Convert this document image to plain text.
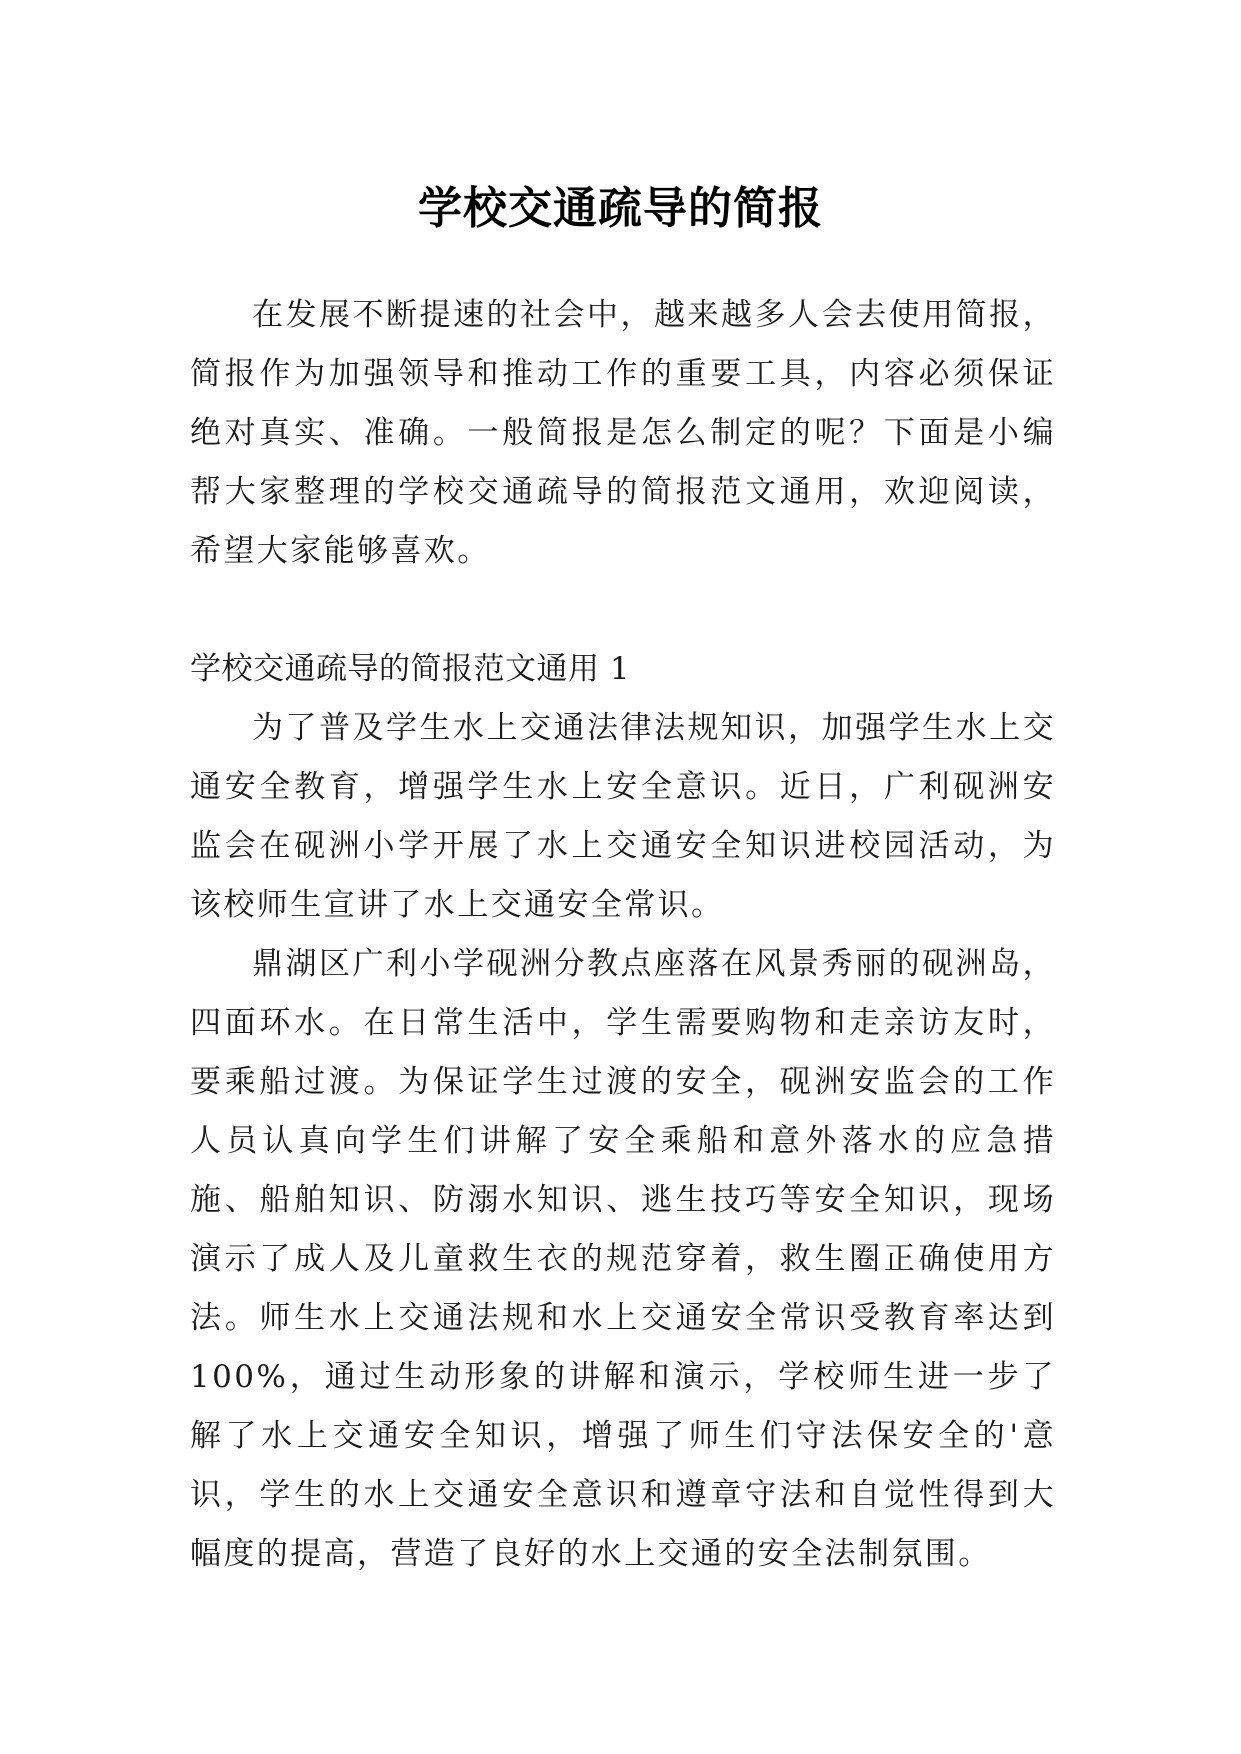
学校交通疏导的简报

在发展不断提速的社会中，越来越多人会去使用简报，简报作为加强领导和推动工作的重要工具，内容必须保证绝对真实、准确。一般简报是怎么制定的呢？下面是小编帮大家整理的学校交通疏导的简报范文通用，欢迎阅读，希望大家能够喜欢。

学校交通疏导的简报范文通用 1

为了普及学生水上交通法律法规知识，加强学生水上交通安全教育，增强学生水上安全意识。近日，广利砚洲安监会在砚洲小学开展了水上交通安全知识进校园活动，为该校师生宣讲了水上交通安全常识。

鼎湖区广利小学砚洲分教点座落在风景秀丽的砚洲岛，四面环水。在日常生活中，学生需要购物和走亲访友时，要乘船过渡。为保证学生过渡的安全，砚洲安监会的工作人员认真向学生们讲解了安全乘船和意外落水的应急措施、船舶知识、防溺水知识、逃生技巧等安全知识，现场演示了成人及儿童救生衣的规范穿着，救生圈正确使用方法。师生水上交通法规和水上交通安全常识受教育率达到100%，通过生动形象的讲解和演示，学校师生进一步了解了水上交通安全知识，增强了师生们守法保安全的'意识，学生的水上交通安全意识和遵章守法和自觉性得到大幅度的提高，营造了良好的水上交通的安全法制氛围。
